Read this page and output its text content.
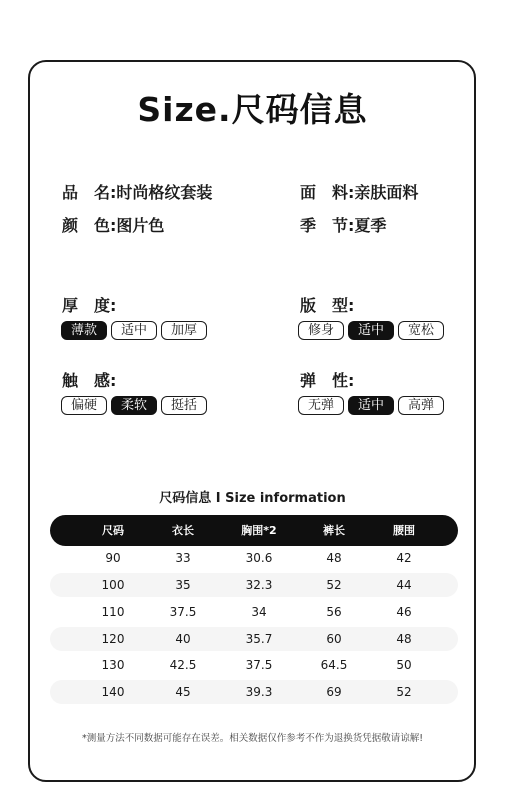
Size.尺码信息
品　名:时尚格纹套装	面　料:亲肤面料
颜　色:图片色	季　节:夏季
厚　度:
薄款	适中	加厚
版　型:
修身	适中	宽松
触　感:
偏硬	柔软	挺括
弹　性:
无弹	适中	高弹
尺码信息 I Size information
尺码	衣长	胸围*2	裤长	腰围
90	33	30.6	48	42
100	35	32.3	52	44
110	37.5	34	56	46
120	40	35.7	60	48
130	42.5	37.5	64.5	50
140	45	39.3	69	52
*测量方法不同数据可能存在误差。相关数据仅作参考不作为退换货凭据敬请谅解!
